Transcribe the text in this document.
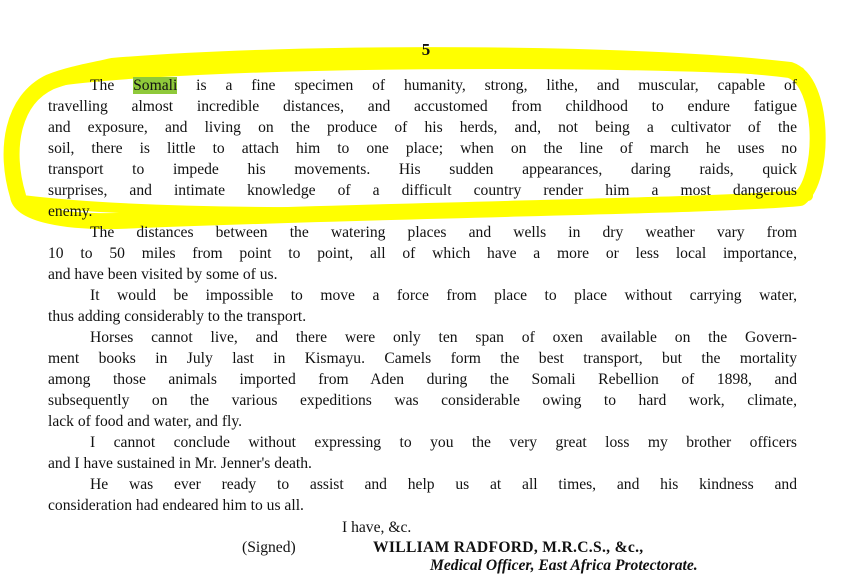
5
The Somali is a fine specimen of humanity, strong, lithe, and muscular, capable of
travelling almost incredible distances, and accustomed from childhood to endure fatigue
and exposure, and living on the produce of his herds, and, not being a cultivator of the
soil, there is little to attach him to one place; when on the line of march he uses no
transport to impede his movements. His sudden appearances, daring raids, quick
surprises, and intimate knowledge of a difficult country render him a most dangerous
enemy.
The distances between the watering places and wells in dry weather vary from
10 to 50 miles from point to point, all of which have a more or less local importance,
and have been visited by some of us.
It would be impossible to move a force from place to place without carrying water,
thus adding considerably to the transport.
Horses cannot live, and there were only ten span of oxen available on the Govern-
ment books in July last in Kismayu. Camels form the best transport, but the mortality
among those animals imported from Aden during the Somali Rebellion of 1898, and
subsequently on the various expeditions was considerable owing to hard work, climate,
lack of food and water, and fly.
I cannot conclude without expressing to you the very great loss my brother officers
and I have sustained in Mr. Jenner's death.
He was ever ready to assist and help us at all times, and his kindness and
consideration had endeared him to us all.
I have, &c.
(Signed)	WILLIAM RADFORD, M.R.C.S., &c.,
Medical Officer, East Africa Protectorate.
